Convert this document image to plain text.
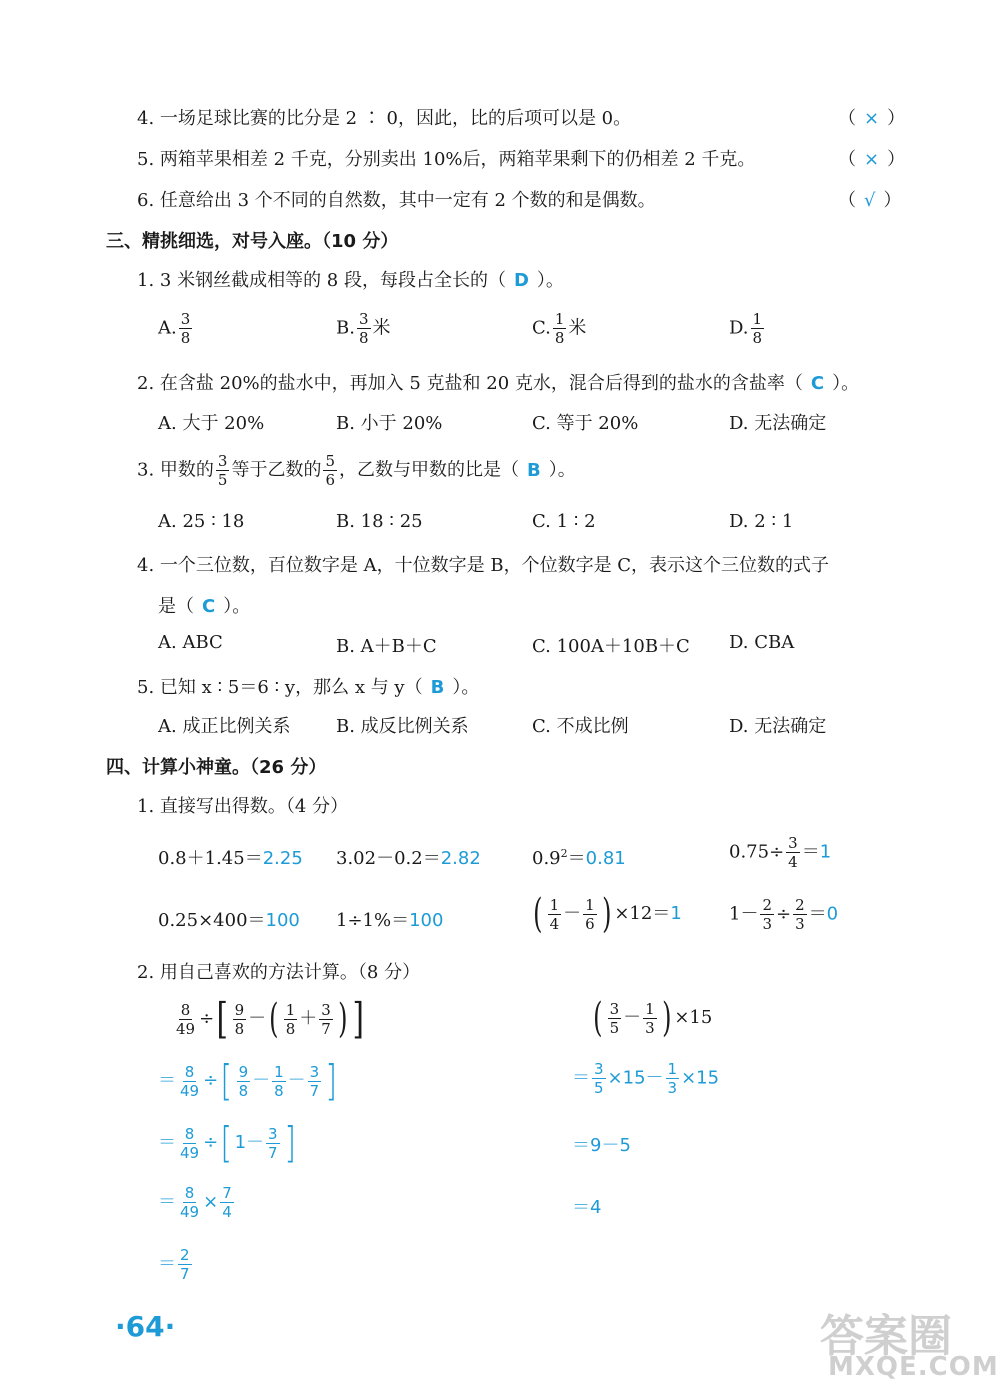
4. 一场足球比赛的比分是 2 ∶ 0，因此，比的后项可以是 0。	（ × ）
5. 两箱苹果相差 2 千克，分别卖出 10%后，两箱苹果剩下的仍相差 2 千克。	（ × ）
6. 任意给出 3 个不同的自然数，其中一定有 2 个数的和是偶数。	（ √ ）
三、精挑细选，对号入座。（10 分）
1. 3 米钢丝截成相等的 8 段，每段占全长的（ D ）。
A. $\frac{3}{8}$	B. $\frac{3}{8}$ 米	C. $\frac{1}{8}$ 米	D. $\frac{1}{8}$
2. 在含盐 20%的盐水中，再加入 5 克盐和 20 克水，混合后得到的盐水的含盐率（ C ）。
A. 大于 20%	B. 小于 20%	C. 等于 20%	D. 无法确定
3. 甲数的 $\frac{3}{5}$ 等于乙数的 $\frac{5}{6}$ ，乙数与甲数的比是（ B ）。
A. 25 ∶ 18	B. 18 ∶ 25	C. 1 ∶ 2	D. 2 ∶ 1
4. 一个三位数，百位数字是 A，十位数字是 B，个位数字是 C，表示这个三位数的式子
是（ C ）。
A. ABC	B. A＋B＋C	C. 100A＋10B＋C D. CBA
5. 已知 x ∶ 5＝6 ∶ y，那么 x 与 y（ B ）。
A. 成正比例关系	B. 成反比例关系	C. 不成比例	D. 无法确定
四、计算小神童。（26 分）
1. 直接写出得数。（4 分）
0.8＋1.45＝2.25 3.02－0.2＝2.82	$0.9^2=0.81$	$0.75\div \frac{3}{4} =1$
0.25×400＝100 1÷1%＝100 ( $\frac{1}{4} - \frac{1}{6}$ ) ×12＝1	$1- \frac{2}{3} \div \frac{2}{3} =0$
2. 用自己喜欢的方法计算。（8 分）
$\frac{8}{49}$ ÷[ $\frac{9}{8}$ －( $\frac{1}{8} + \frac{3}{7}$ ) ]
＝ $\frac{8}{49}$ ÷[ $\frac{9}{8} - \frac{1}{8} - \frac{3}{7}$ ]
＝ $\frac{8}{49}$ ÷[ $1- \frac{3}{7}$ ]
＝ $\frac{8}{49} \times \frac{7}{4}$
＝ $\frac{2}{7}$
( $\frac{3}{5} - \frac{1}{3}$ ) ×15
＝ $\frac{3}{5} \times 15- \frac{1}{3} \times 15$
＝9－5
＝4
·64·	答案圈
MXQE.COM
